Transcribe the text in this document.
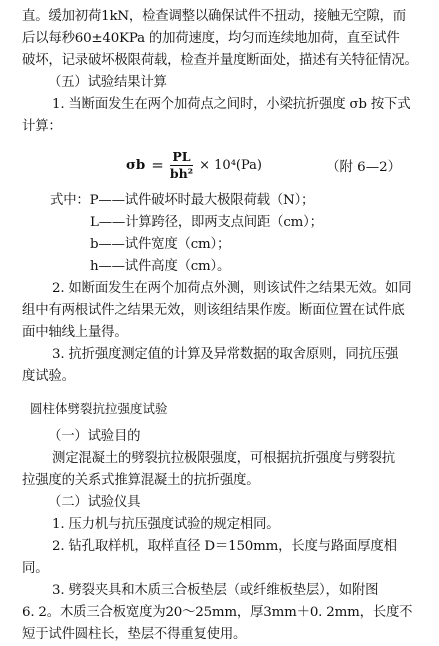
直。缓加初荷1kN，检查调整以确保试件不扭动，接触无空隙，而
后以每秒60±40KPa 的加荷速度，均匀而连续地加荷，直至试件
破坏，记录破坏极限荷载，检查并量度断面处，描述有关特征情况。
（五）试验结果计算
1. 当断面发生在两个加荷点之间时，小梁抗折强度 σb 按下式
计算：
$\sigma b = \frac{PL}{\text{bh²}} \times 10^4(Pa)$	（附 6—2）
式中：P——试件破坏时最大极限荷载（N）；
L——计算跨径，即两支点间距（cm）；
b——试件宽度（cm）；
h——试件高度（cm）。
2. 如断面发生在两个加荷点外测，则该试件之结果无效。如同
组中有两根试件之结果无效，则该组结果作废。断面位置在试件底
面中轴线上量得。
3. 抗折强度测定值的计算及异常数据的取舍原则，同抗压强
度试验。
圆柱体劈裂抗拉强度试验
（一）试验目的
测定混凝土的劈裂抗拉极限强度，可根据抗折强度与劈裂抗
拉强度的关系式推算混凝土的抗折强度。
（二）试验仪具
1. 压力机与抗压强度试验的规定相同。
2. 钻孔取样机，取样直径 D＝150mm，长度与路面厚度相
同。
3. 劈裂夹具和木质三合板垫层（或纤维板垫层），如附图
6. 2。木质三合板宽度为20～25mm，厚3mm＋0. 2mm，长度不
短于试件圆柱长，垫层不得重复使用。
